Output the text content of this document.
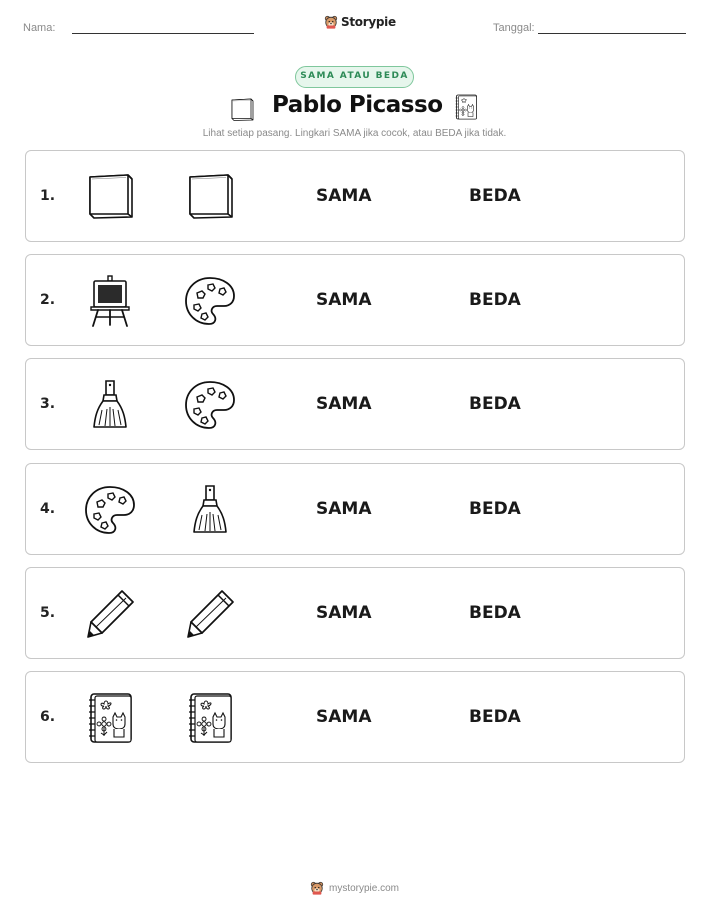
Nama:	Storypie	Tanggal:
SAMA ATAU BEDA
Pablo Picasso
Lihat setiap pasang. Lingkari SAMA jika cocok, atau BEDA jika tidak.
1.	SAMA	BEDA
2.	SAMA	BEDA
3.	SAMA	BEDA
4.	SAMA	BEDA
5.	SAMA	BEDA
6.	SAMA	BEDA
mystorypie.com
